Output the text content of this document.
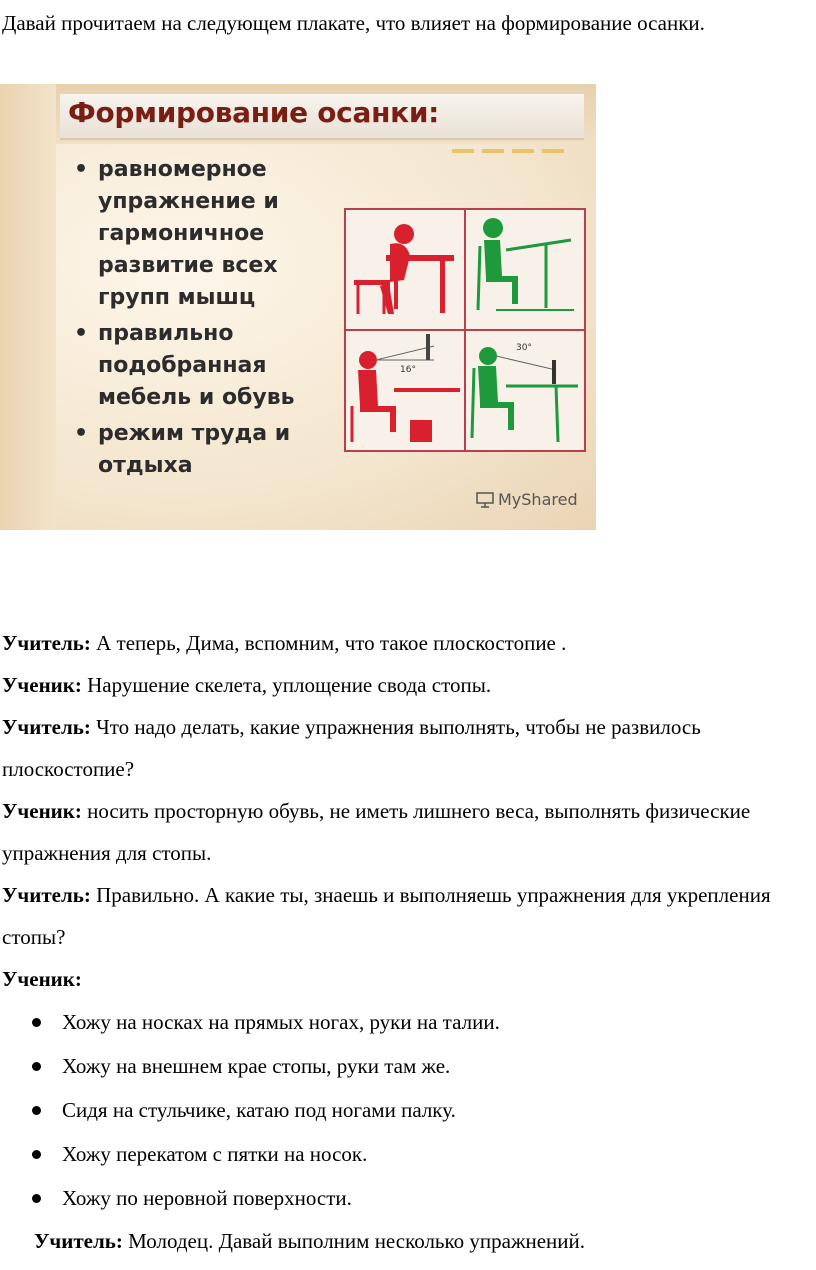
Давай прочитаем на следующем плакате, что влияет на формирование осанки.

Формирование осанки:
• равномерное упражнение и гармоничное развитие всех групп мышц
• правильно подобранная мебель и обувь
• режим труда и отдыха
16°
30°
MyShared

Учитель: А теперь, Дима, вспомним, что такое плоскостопие .

Ученик: Нарушение скелета, уплощение свода стопы.

Учитель: Что надо делать, какие упражнения выполнять, чтобы не развилось плоскостопие?

Ученик: носить просторную обувь, не иметь лишнего веса, выполнять физические упражнения для стопы.

Учитель: Правильно. А какие ты, знаешь и выполняешь упражнения для укрепления стопы?

Ученик:

Хожу на носках на прямых ногах, руки на талии.
Хожу на внешнем крае стопы, руки там же.
Сидя на стульчике, катаю под ногами палку.
Хожу перекатом с пятки на носок.
Хожу по неровной поверхности.

Учитель: Молодец. Давай выполним несколько упражнений.
